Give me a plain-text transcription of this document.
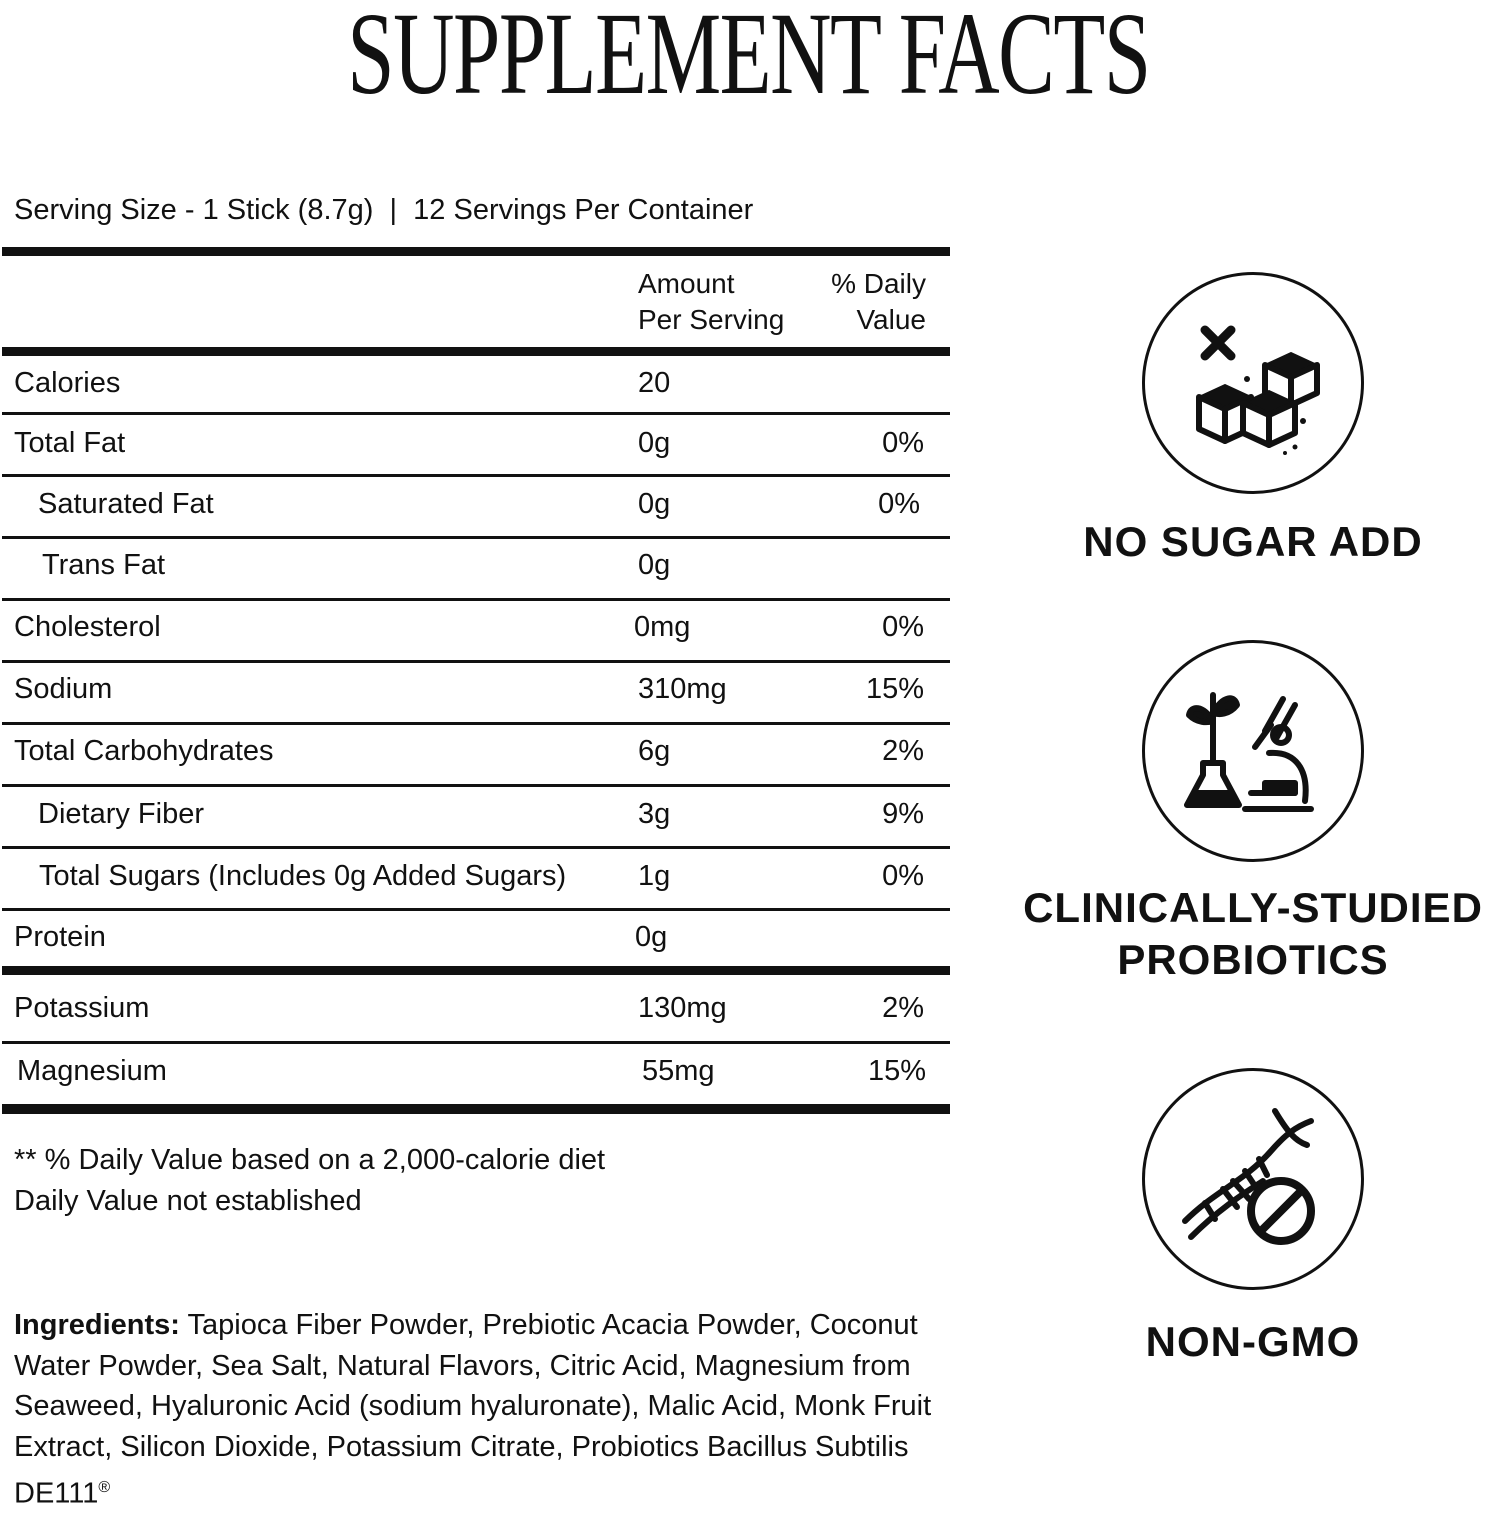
SUPPLEMENT FACTS
Serving Size - 1 Stick (8.7g)  |  12 Servings Per Container
Amount
Per Serving
% Daily
Value
Calories	20
Total Fat	0g	0%
Saturated Fat	0g	0%
Trans Fat	0g
Cholesterol	0mg	0%
Sodium	310mg	15%
Total Carbohydrates	6g	2%
Dietary Fiber	3g	9%
Total Sugars (Includes 0g Added Sugars) 1g	0%
Protein	0g
Potassium	130mg	2%
Magnesium	55mg	15%
** % Daily Value based on a 2,000-calorie diet
Daily Value not established
Ingredients: Tapioca Fiber Powder, Prebiotic Acacia Powder, Coconut Water Powder, Sea Salt, Natural Flavors, Citric Acid, Magnesium from Seaweed, Hyaluronic Acid (sodium hyaluronate), Malic Acid, Monk Fruit Extract, Silicon Dioxide, Potassium Citrate, Probiotics Bacillus Subtilis DE111®
NO SUGAR ADD
CLINICALLY-STUDIED
PROBIOTICS
NON-GMO
